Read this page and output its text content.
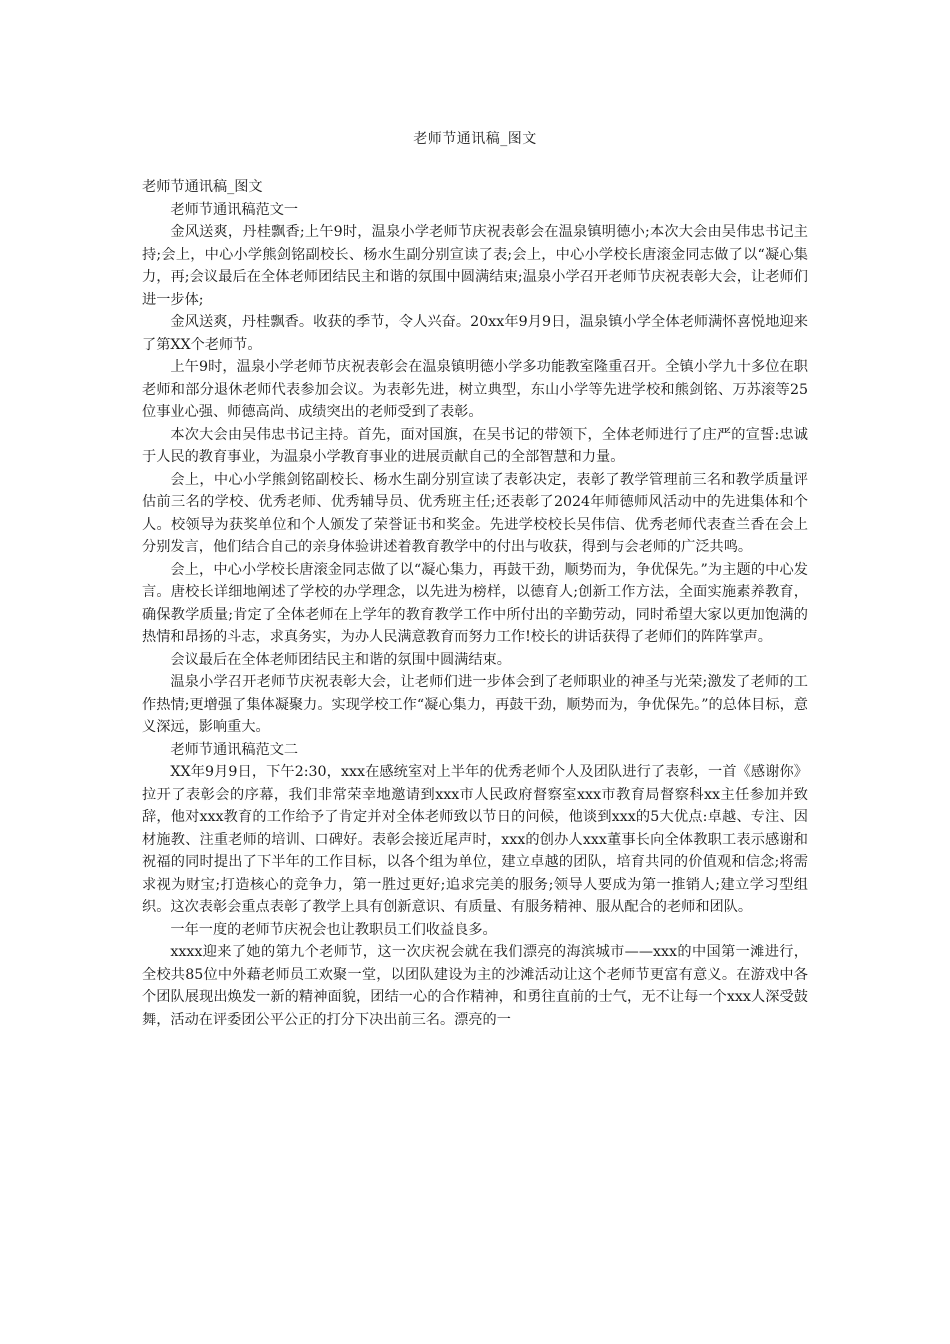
老师节通讯稿_图文

老师节通讯稿_图文

老师节通讯稿范文一

金风送爽，丹桂飘香;上午9时，温泉小学老师节庆祝表彰会在温泉镇明德小;本次大会由吴伟忠书记主持;会上，中心小学熊剑铭副校长、杨水生副分别宣读了表;会上，中心小学校长唐滚金同志做了以“凝心集力，再;会议最后在全体老师团结民主和谐的氛围中圆满结束;温泉小学召开老师节庆祝表彰大会，让老师们进一步体;

金风送爽，丹桂飘香。收获的季节，令人兴奋。20xx年9月9日，温泉镇小学全体老师满怀喜悦地迎来了第XX个老师节。

上午9时，温泉小学老师节庆祝表彰会在温泉镇明德小学多功能教室隆重召开。全镇小学九十多位在职老师和部分退休老师代表参加会议。为表彰先进，树立典型，东山小学等先进学校和熊剑铭、万苏滚等25位事业心强、师德高尚、成绩突出的老师受到了表彰。

本次大会由吴伟忠书记主持。首先，面对国旗，在吴书记的带领下，全体老师进行了庄严的宣誓:忠诚于人民的教育事业，为温泉小学教育事业的进展贡献自己的全部智慧和力量。

会上，中心小学熊剑铭副校长、杨水生副分别宣读了表彰决定，表彰了教学管理前三名和教学质量评估前三名的学校、优秀老师、优秀辅导员、优秀班主任;还表彰了2024年师德师风活动中的先进集体和个人。校领导为获奖单位和个人颁发了荣誉证书和奖金。先进学校校长吴伟信、优秀老师代表查兰香在会上分别发言，他们结合自己的亲身体验讲述着教育教学中的付出与收获，得到与会老师的广泛共鸣。

会上，中心小学校长唐滚金同志做了以“凝心集力，再鼓干劲，顺势而为，争优保先。”为主题的中心发言。唐校长详细地阐述了学校的办学理念，以先进为榜样，以德育人;创新工作方法，全面实施素养教育，确保教学质量;肯定了全体老师在上学年的教育教学工作中所付出的辛勤劳动，同时希望大家以更加饱满的热情和昂扬的斗志，求真务实，为办人民满意教育而努力工作!校长的讲话获得了老师们的阵阵掌声。

会议最后在全体老师团结民主和谐的氛围中圆满结束。

温泉小学召开老师节庆祝表彰大会，让老师们进一步体会到了老师职业的神圣与光荣;激发了老师的工作热情;更增强了集体凝聚力。实现学校工作“凝心集力，再鼓干劲，顺势而为，争优保先。”的总体目标，意义深远，影响重大。

老师节通讯稿范文二

XX年9月9日，下午2:30，xxx在感统室对上半年的优秀老师个人及团队进行了表彰，一首《感谢你》拉开了表彰会的序幕，我们非常荣幸地邀请到xxx市人民政府督察室xxx市教育局督察科xx主任参加并致辞，他对xxx教育的工作给予了肯定并对全体老师致以节日的问候，他谈到xxx的5大优点:卓越、专注、因材施教、注重老师的培训、口碑好。表彰会接近尾声时，xxx的创办人xxx董事长向全体教职工表示感谢和祝福的同时提出了下半年的工作目标，以各个组为单位，建立卓越的团队，培育共同的价值观和信念;将需求视为财宝;打造核心的竞争力，第一胜过更好;追求完美的服务;领导人要成为第一推销人;建立学习型组织。这次表彰会重点表彰了教学上具有创新意识、有质量、有服务精神、服从配合的老师和团队。

一年一度的老师节庆祝会也让教职员工们收益良多。

xxxx迎来了她的第九个老师节，这一次庆祝会就在我们漂亮的海滨城市——xxx的中国第一滩进行，全校共85位中外藉老师员工欢聚一堂，以团队建设为主的沙滩活动让这个老师节更富有意义。在游戏中各个团队展现出焕发一新的精神面貌，团结一心的合作精神，和勇往直前的士气，无不让每一个xxx人深受鼓舞，活动在评委团公平公正的打分下决出前三名。漂亮的一
